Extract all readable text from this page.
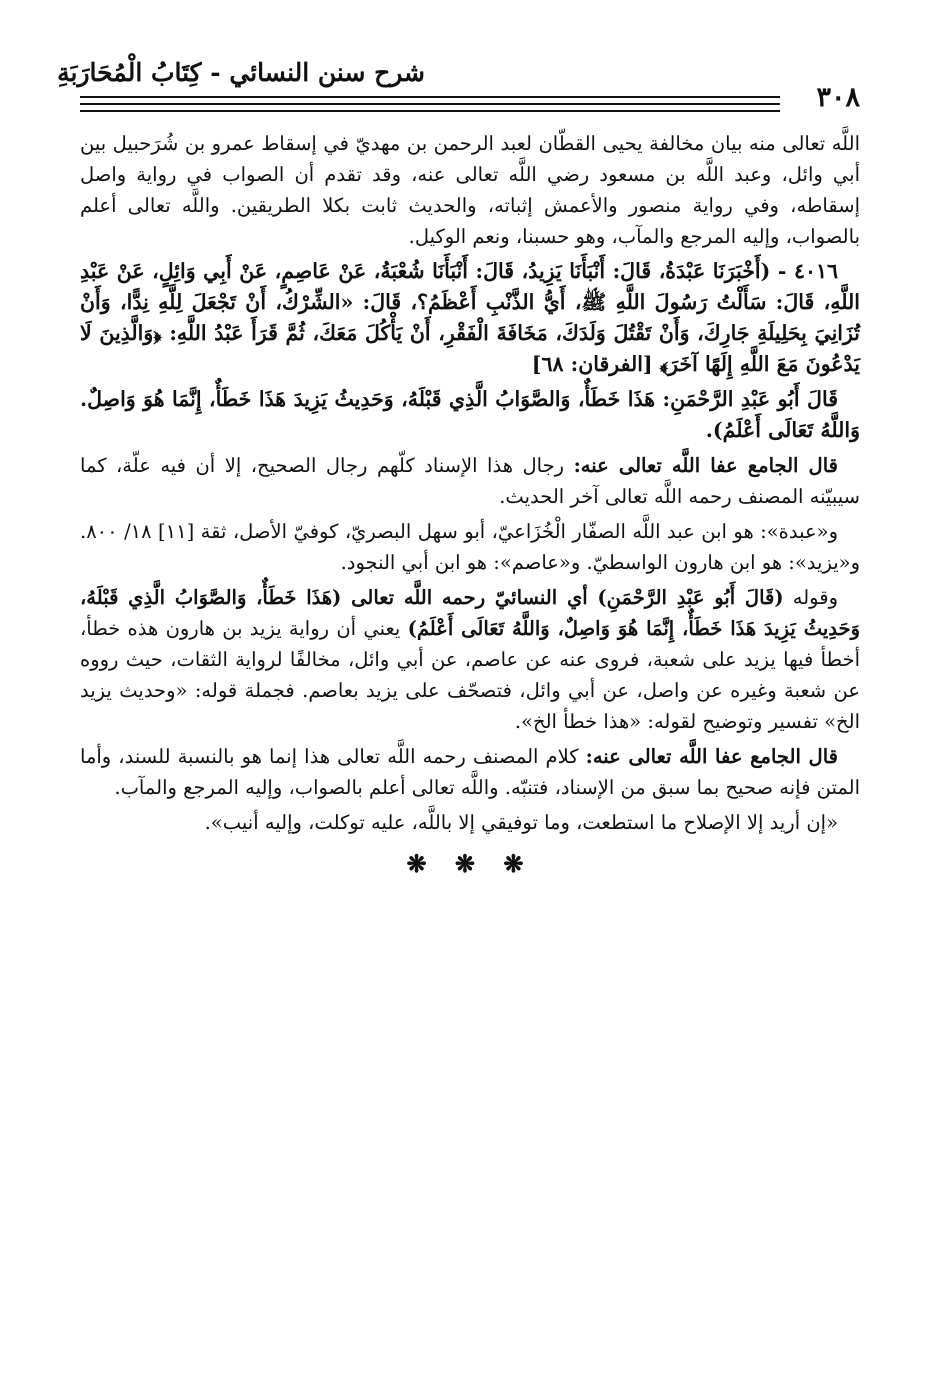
شرح سنن النسائي - كِتَابُ الْمُحَارَبَةِ
٣٠٨

اللَّه تعالى منه بيان مخالفة يحيى القطّان لعبد الرحمن بن مهديّ في إسقاط عمرو بن شُرَحبيل بين أبي وائل، وعبد اللَّه بن مسعود رضي اللَّه تعالى عنه، وقد تقدم أن الصواب في رواية واصل إسقاطه، وفي رواية منصور والأعمش إثباته، والحديث ثابت بكلا الطريقين. واللَّه تعالى أعلم بالصواب، وإليه المرجع والمآب، وهو حسبنا، ونعم الوكيل.

٤٠١٦ - (أَخْبَرَنَا عَبْدَةُ، قَالَ: أَنْبَأَنَا يَزِيدُ، قَالَ: أَنْبَأَنَا شُعْبَةُ، عَنْ عَاصِمٍ، عَنْ أَبِي وَائِلٍ، عَنْ عَبْدِ اللَّهِ، قَالَ: سَأَلْتُ رَسُولَ اللَّهِ ﷺ، أَيُّ الذَّنْبِ أَعْظَمُ؟، قَالَ: «الشِّرْكُ، أَنْ تَجْعَلَ لِلَّهِ نِدًّا، وَأَنْ تُزَانِيَ بِحَلِيلَةِ جَارِكَ، وَأَنْ تَقْتُلَ وَلَدَكَ، مَخَافَةَ الْفَقْرِ، أَنْ يَأْكُلَ مَعَكَ، ثُمَّ قَرَأَ عَبْدُ اللَّهِ: ﴿وَالَّذِينَ لَا يَدْعُونَ مَعَ اللَّهِ إِلَهًا آخَرَ﴾ [الفرقان: ٦٨]

قَالَ أَبُو عَبْدِ الرَّحْمَنِ: هَذَا خَطَأٌ، وَالصَّوَابُ الَّذِي قَبْلَهُ، وَحَدِيثُ يَزِيدَ هَذَا خَطَأٌ، إِنَّمَا هُوَ وَاصِلٌ. وَاللَّهُ تَعَالَى أَعْلَمُ).

قال الجامع عفا اللَّه تعالى عنه: رجال هذا الإسناد كلّهم رجال الصحيح، إلا أن فيه علّة، كما سيبيّنه المصنف رحمه اللَّه تعالى آخر الحديث.

و«عبدة»: هو ابن عبد اللَّه الصفّار الْخُزَاعيّ، أبو سهل البصريّ، كوفيّ الأصل، ثقة [١١] ١٨/ ٨٠٠. و«يزيد»: هو ابن هارون الواسطيّ. و«عاصم»: هو ابن أبي النجود.

وقوله (قَالَ أَبُو عَبْدِ الرَّحْمَنِ) أي النسائيّ رحمه اللَّه تعالى (هَذَا خَطَأٌ، وَالصَّوَابُ الَّذِي قَبْلَهُ، وَحَدِيثُ يَزِيدَ هَذَا خَطَأٌ، إِنَّمَا هُوَ وَاصِلٌ، وَاللَّهُ تَعَالَى أَعْلَمُ) يعني أن رواية يزيد بن هارون هذه خطأ، أخطأ فيها يزيد على شعبة، فروى عنه عن عاصم، عن أبي وائل، مخالفًا لرواية الثقات، حيث رووه عن شعبة وغيره عن واصل، عن أبي وائل، فتصحّف على يزيد بعاصم. فجملة قوله: «وحديث يزيد الخ» تفسير وتوضيح لقوله: «هذا خطأ الخ».

قال الجامع عفا اللَّه تعالى عنه: كلام المصنف رحمه اللَّه تعالى هذا إنما هو بالنسبة للسند، وأما المتن فإنه صحيح بما سبق من الإسناد، فتنبّه. واللَّه تعالى أعلم بالصواب، وإليه المرجع والمآب.

«إن أريد إلا الإصلاح ما استطعت، وما توفيقي إلا باللَّه، عليه توكلت، وإليه أنيب».

❋ ❋ ❋
